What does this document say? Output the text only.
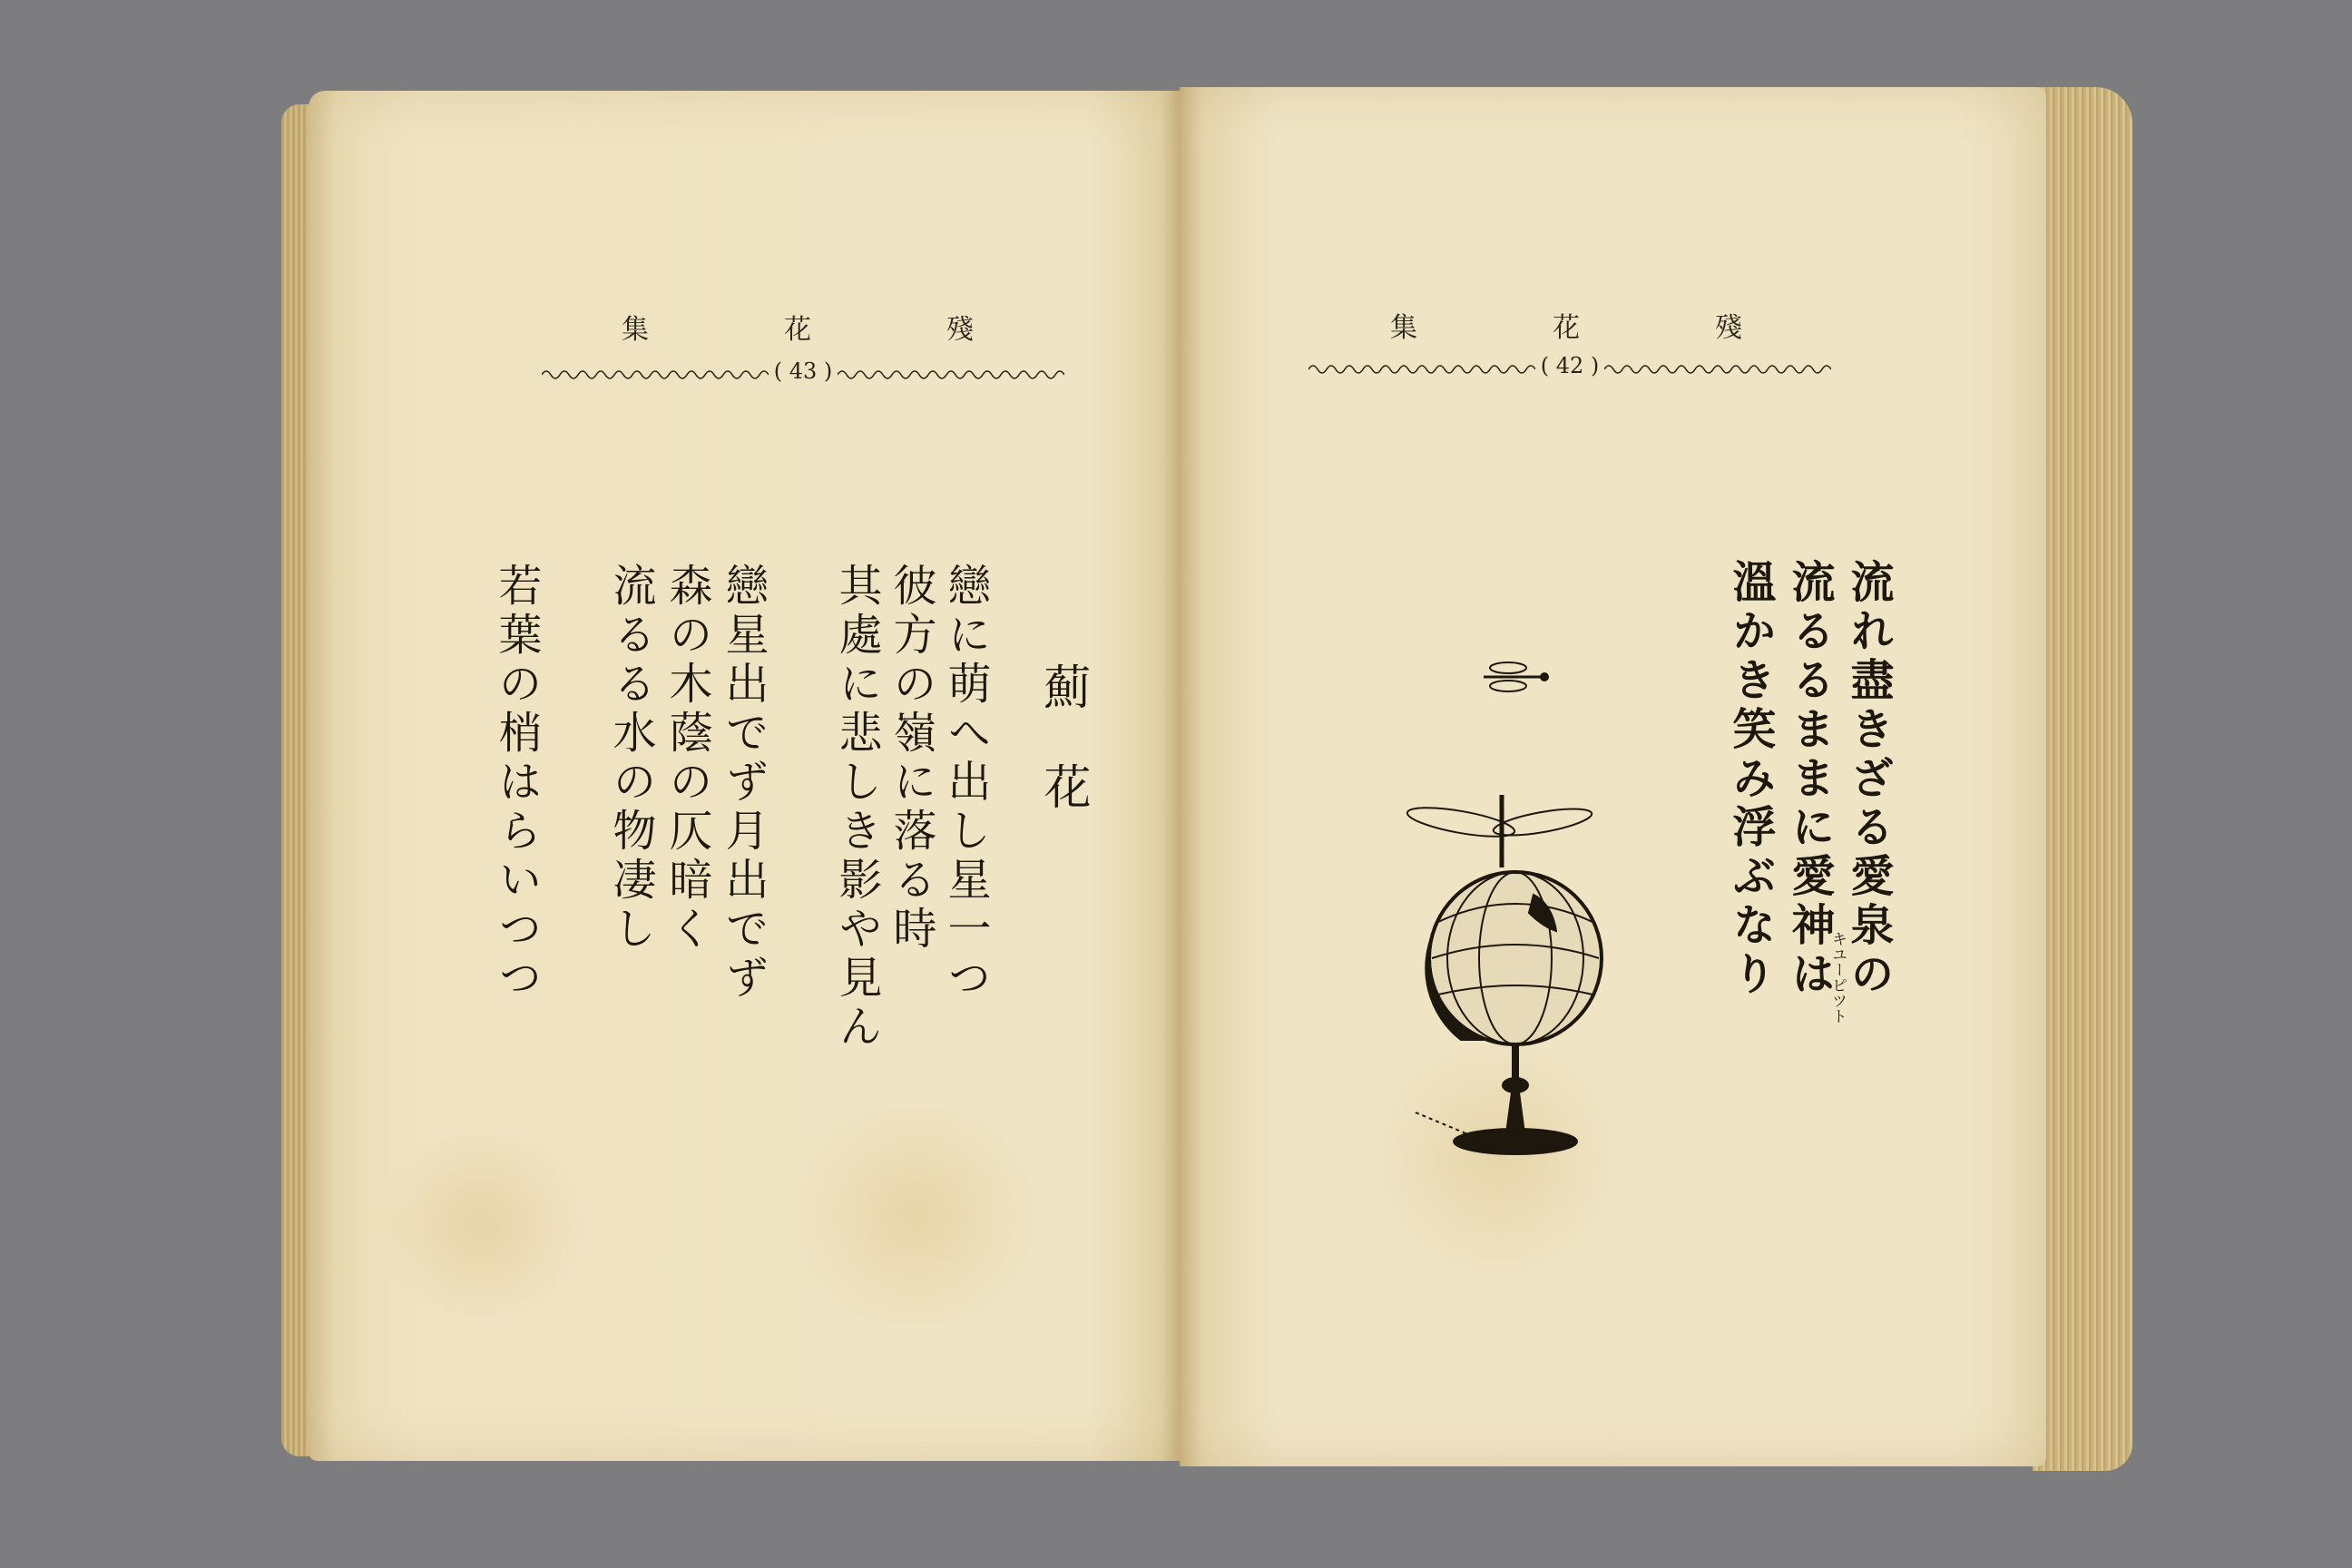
集	花	殘
( 43 )
薊花
戀に萌へ出し星一つ
彼方の嶺に落る時
其處に悲しき影や見ん
戀星出でず月出でず
森の木蔭の仄暗く
流るる水の物凄し
若葉の梢はらいつつ
集	花	殘
( 42 )
流れ盡きざる愛泉の
流るるままに愛神は
溫かき笑み浮ぶなり	キユーピツト
